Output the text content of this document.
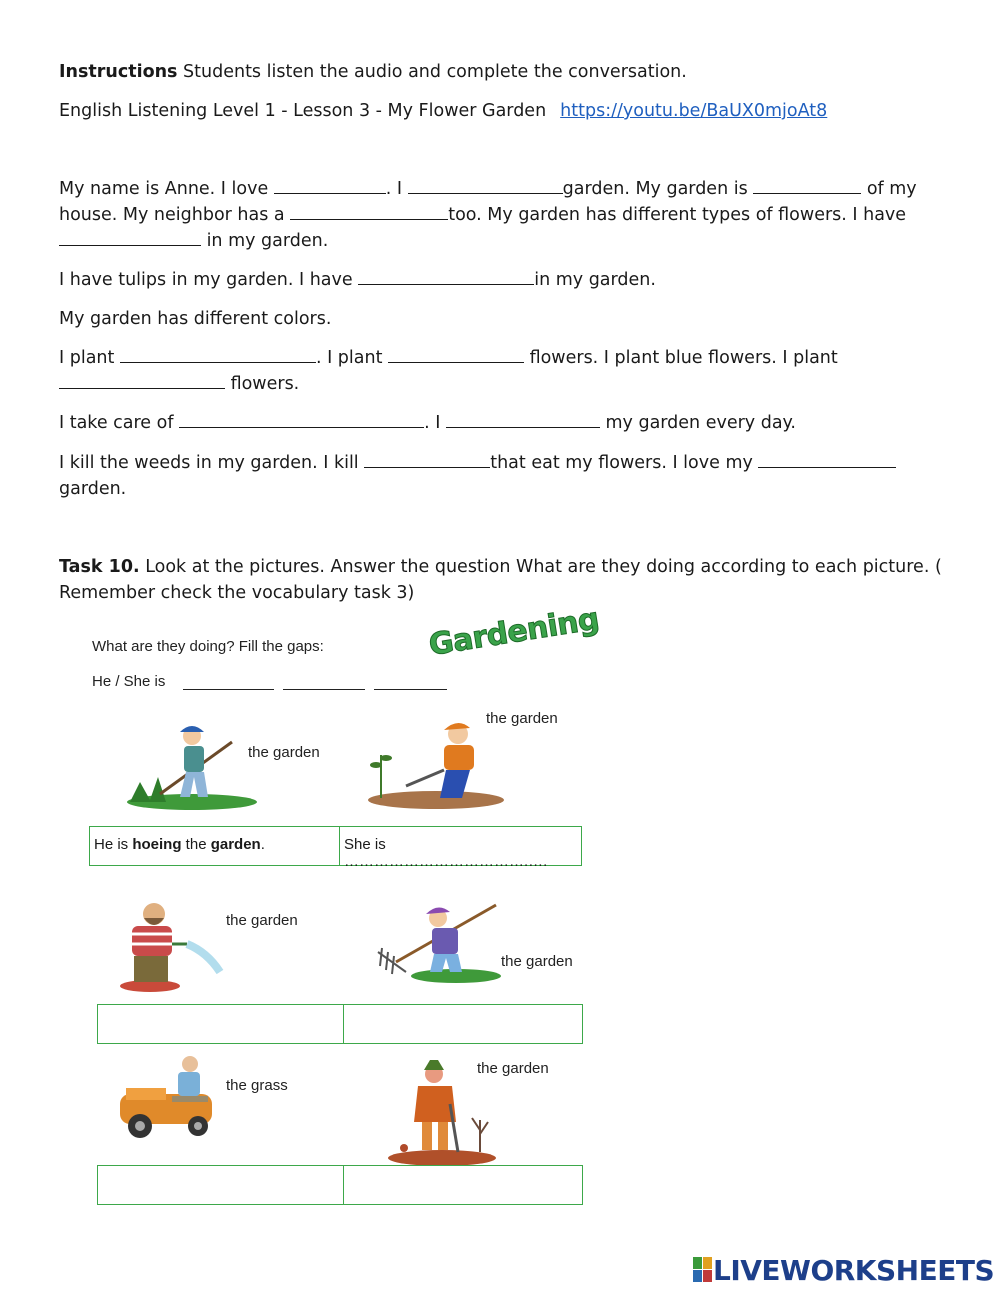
Instructions Students listen the audio and complete the conversation.
English Listening Level 1 - Lesson 3 - My Flower Garden https://youtu.be/BaUX0mjoAt8
My name is Anne. I love	. I	garden. My garden is	of my house. My neighbor has a	too. My garden has different types of flowers. I have  in my garden.
I have tulips in my garden. I have	in my garden.
My garden has different colors.
I plant	. I plant	flowers. I plant blue flowers. I plant  flowers.
I take care of	. I	my garden every day.
I kill the weeds in my garden. I kill	that eat my flowers. I love my  garden.
Task 10. Look at the pictures. Answer the question What are they doing according to each picture. ( Remember check the vocabulary task 3)
What are they doing? Fill the gaps:
He / She is
Gardening
the garden
the garden
He is hoeing the garden.	She is ……………………………….….
the garden
the garden
the grass
the garden
LIVEWORKSHEETS
